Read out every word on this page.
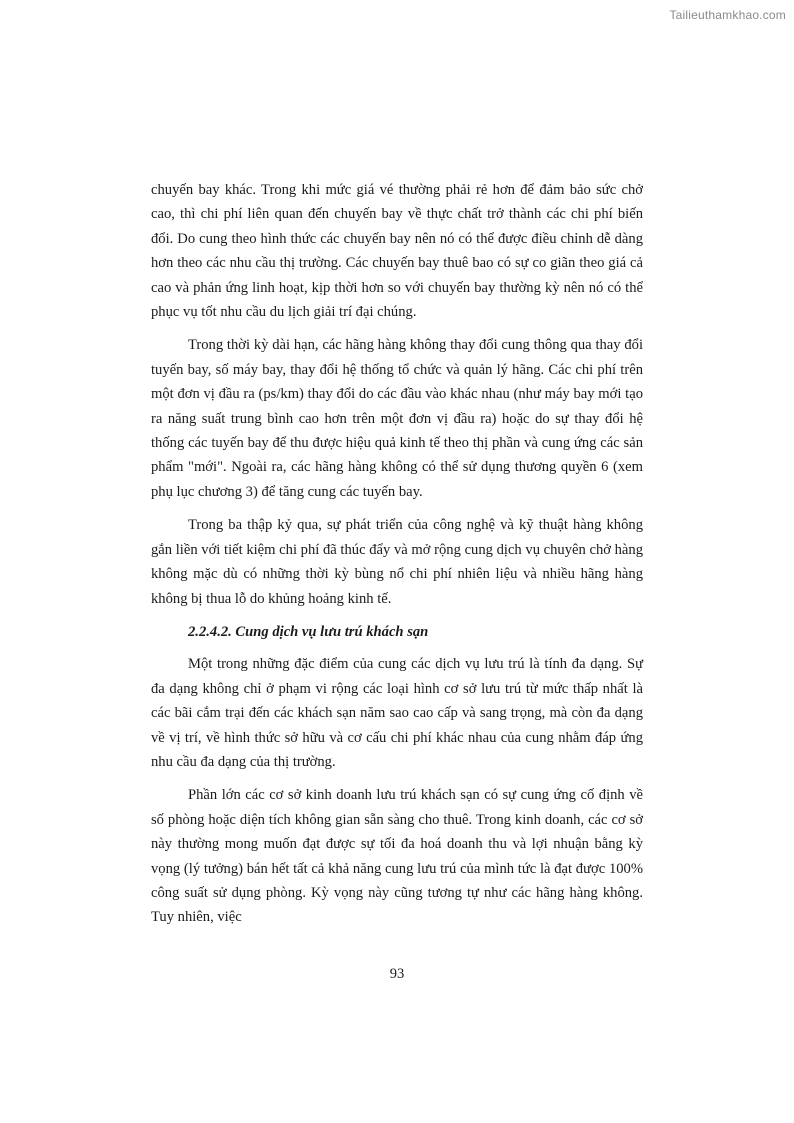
Tailieuthamkhao.com

chuyến bay khác. Trong khi mức giá vé thường phải rẻ hơn để đảm bảo sức chở cao, thì chi phí liên quan đến chuyến bay về thực chất trở thành các chi phí biến đổi. Do cung theo hình thức các chuyến bay nên nó có thể được điều chỉnh dễ dàng hơn theo các nhu cầu thị trường. Các chuyến bay thuê bao có sự co giãn theo giá cả cao và phản ứng linh hoạt, kịp thời hơn so với chuyến bay thường kỳ nên nó có thể phục vụ tốt nhu cầu du lịch giải trí đại chúng.

Trong thời kỳ dài hạn, các hãng hàng không thay đổi cung thông qua thay đổi tuyến bay, số máy bay, thay đổi hệ thống tổ chức và quản lý hãng. Các chi phí trên một đơn vị đầu ra (ps/km) thay đổi do các đầu vào khác nhau (như máy bay mới tạo ra năng suất trung bình cao hơn trên một đơn vị đầu ra) hoặc do sự thay đổi hệ thống các tuyến bay để thu được hiệu quả kinh tế theo thị phần và cung ứng các sản phẩm "mới". Ngoài ra, các hãng hàng không có thể sử dụng thương quyền 6 (xem phụ lục chương 3) để tăng cung các tuyến bay.

Trong ba thập kỷ qua, sự phát triển của công nghệ và kỹ thuật hàng không gắn liền với tiết kiệm chi phí đã thúc đẩy và mở rộng cung dịch vụ chuyên chở hàng không mặc dù có những thời kỳ bùng nổ chi phí nhiên liệu và nhiều hãng hàng không bị thua lỗ do khủng hoảng kinh tế.

2.2.4.2. Cung dịch vụ lưu trú khách sạn

Một trong những đặc điểm của cung các dịch vụ lưu trú là tính đa dạng. Sự đa dạng không chỉ ở phạm vi rộng các loại hình cơ sở lưu trú từ mức thấp nhất là các bãi cắm trại đến các khách sạn năm sao cao cấp và sang trọng, mà còn đa dạng về vị trí, về hình thức sở hữu và cơ cấu chi phí khác nhau của cung nhằm đáp ứng nhu cầu đa dạng của thị trường.

Phần lớn các cơ sở kinh doanh lưu trú khách sạn có sự cung ứng cố định về số phòng hoặc diện tích không gian sẵn sàng cho thuê. Trong kinh doanh, các cơ sở này thường mong muốn đạt được sự tối đa hoá doanh thu và lợi nhuận bằng kỳ vọng (lý tưởng) bán hết tất cả khả năng cung lưu trú của mình tức là đạt được 100% công suất sử dụng phòng. Kỳ vọng này cũng tương tự như các hãng hàng không. Tuy nhiên, việc

93
